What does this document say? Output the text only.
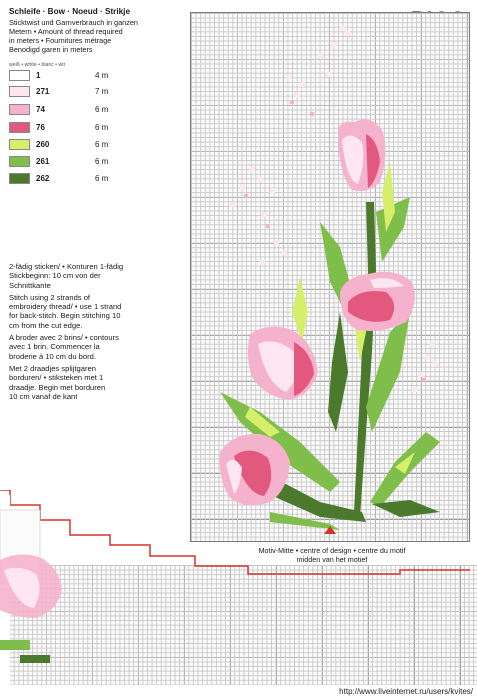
Schleife · Bow · Noeud · Strikje
Sticktwist und Garnverbrauch in ganzen
Metern • Amount of thread required
in meters • Fournitures métrage
Benodigd garen in meters
weiß • white • blanc • wit
1	4 m
271	7 m
74	6 m
76	6 m
260	6 m
261	6 m
262	6 m

2-fädig sticken/ • Konturen 1-fädig

Stickbeginn: 10 cm von der

Schnittkante

Stitch using 2 strands of

embroidery thread/ • use 1 strand

for back-stitch. Begin stitching 10

cm from the cut edge.

A broder avec 2 brins/ • contours

avec 1 brin. Commencer la

broderie à 10 cm du bord.

Met 2 draadjes splijtgaren

borduren/ • stiksteken met 1

draadje. Begin met borduren

10 cm vanaf de kant

Motiv-Mitte • centre of design • centre du motif
midden van het motief
http://www.liveinternet.ru/users/kvites/
